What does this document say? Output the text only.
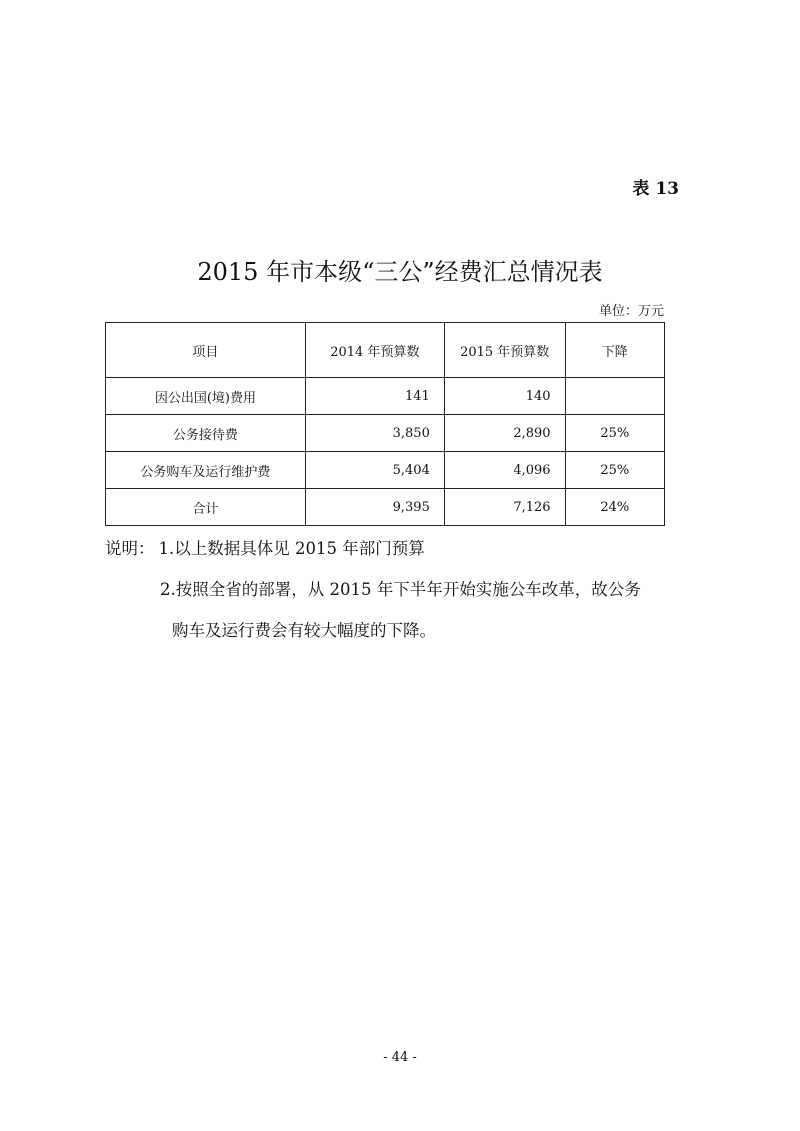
表 13
2015 年市本级“三公”经费汇总情况表
单位：万元
项目	2014 年预算数	2015 年预算数	下降
因公出国(境)费用	141	140	
公务接待费	3,850	2,890	25%
公务购车及运行维护费	5,404	4,096	25%
合计	9,395	7,126	24%
说明： 1.以上数据具体见 2015 年部门预算
2.按照全省的部署，从 2015 年下半年开始实施公车改革，故公务
购车及运行费会有较大幅度的下降。
- 44 -
